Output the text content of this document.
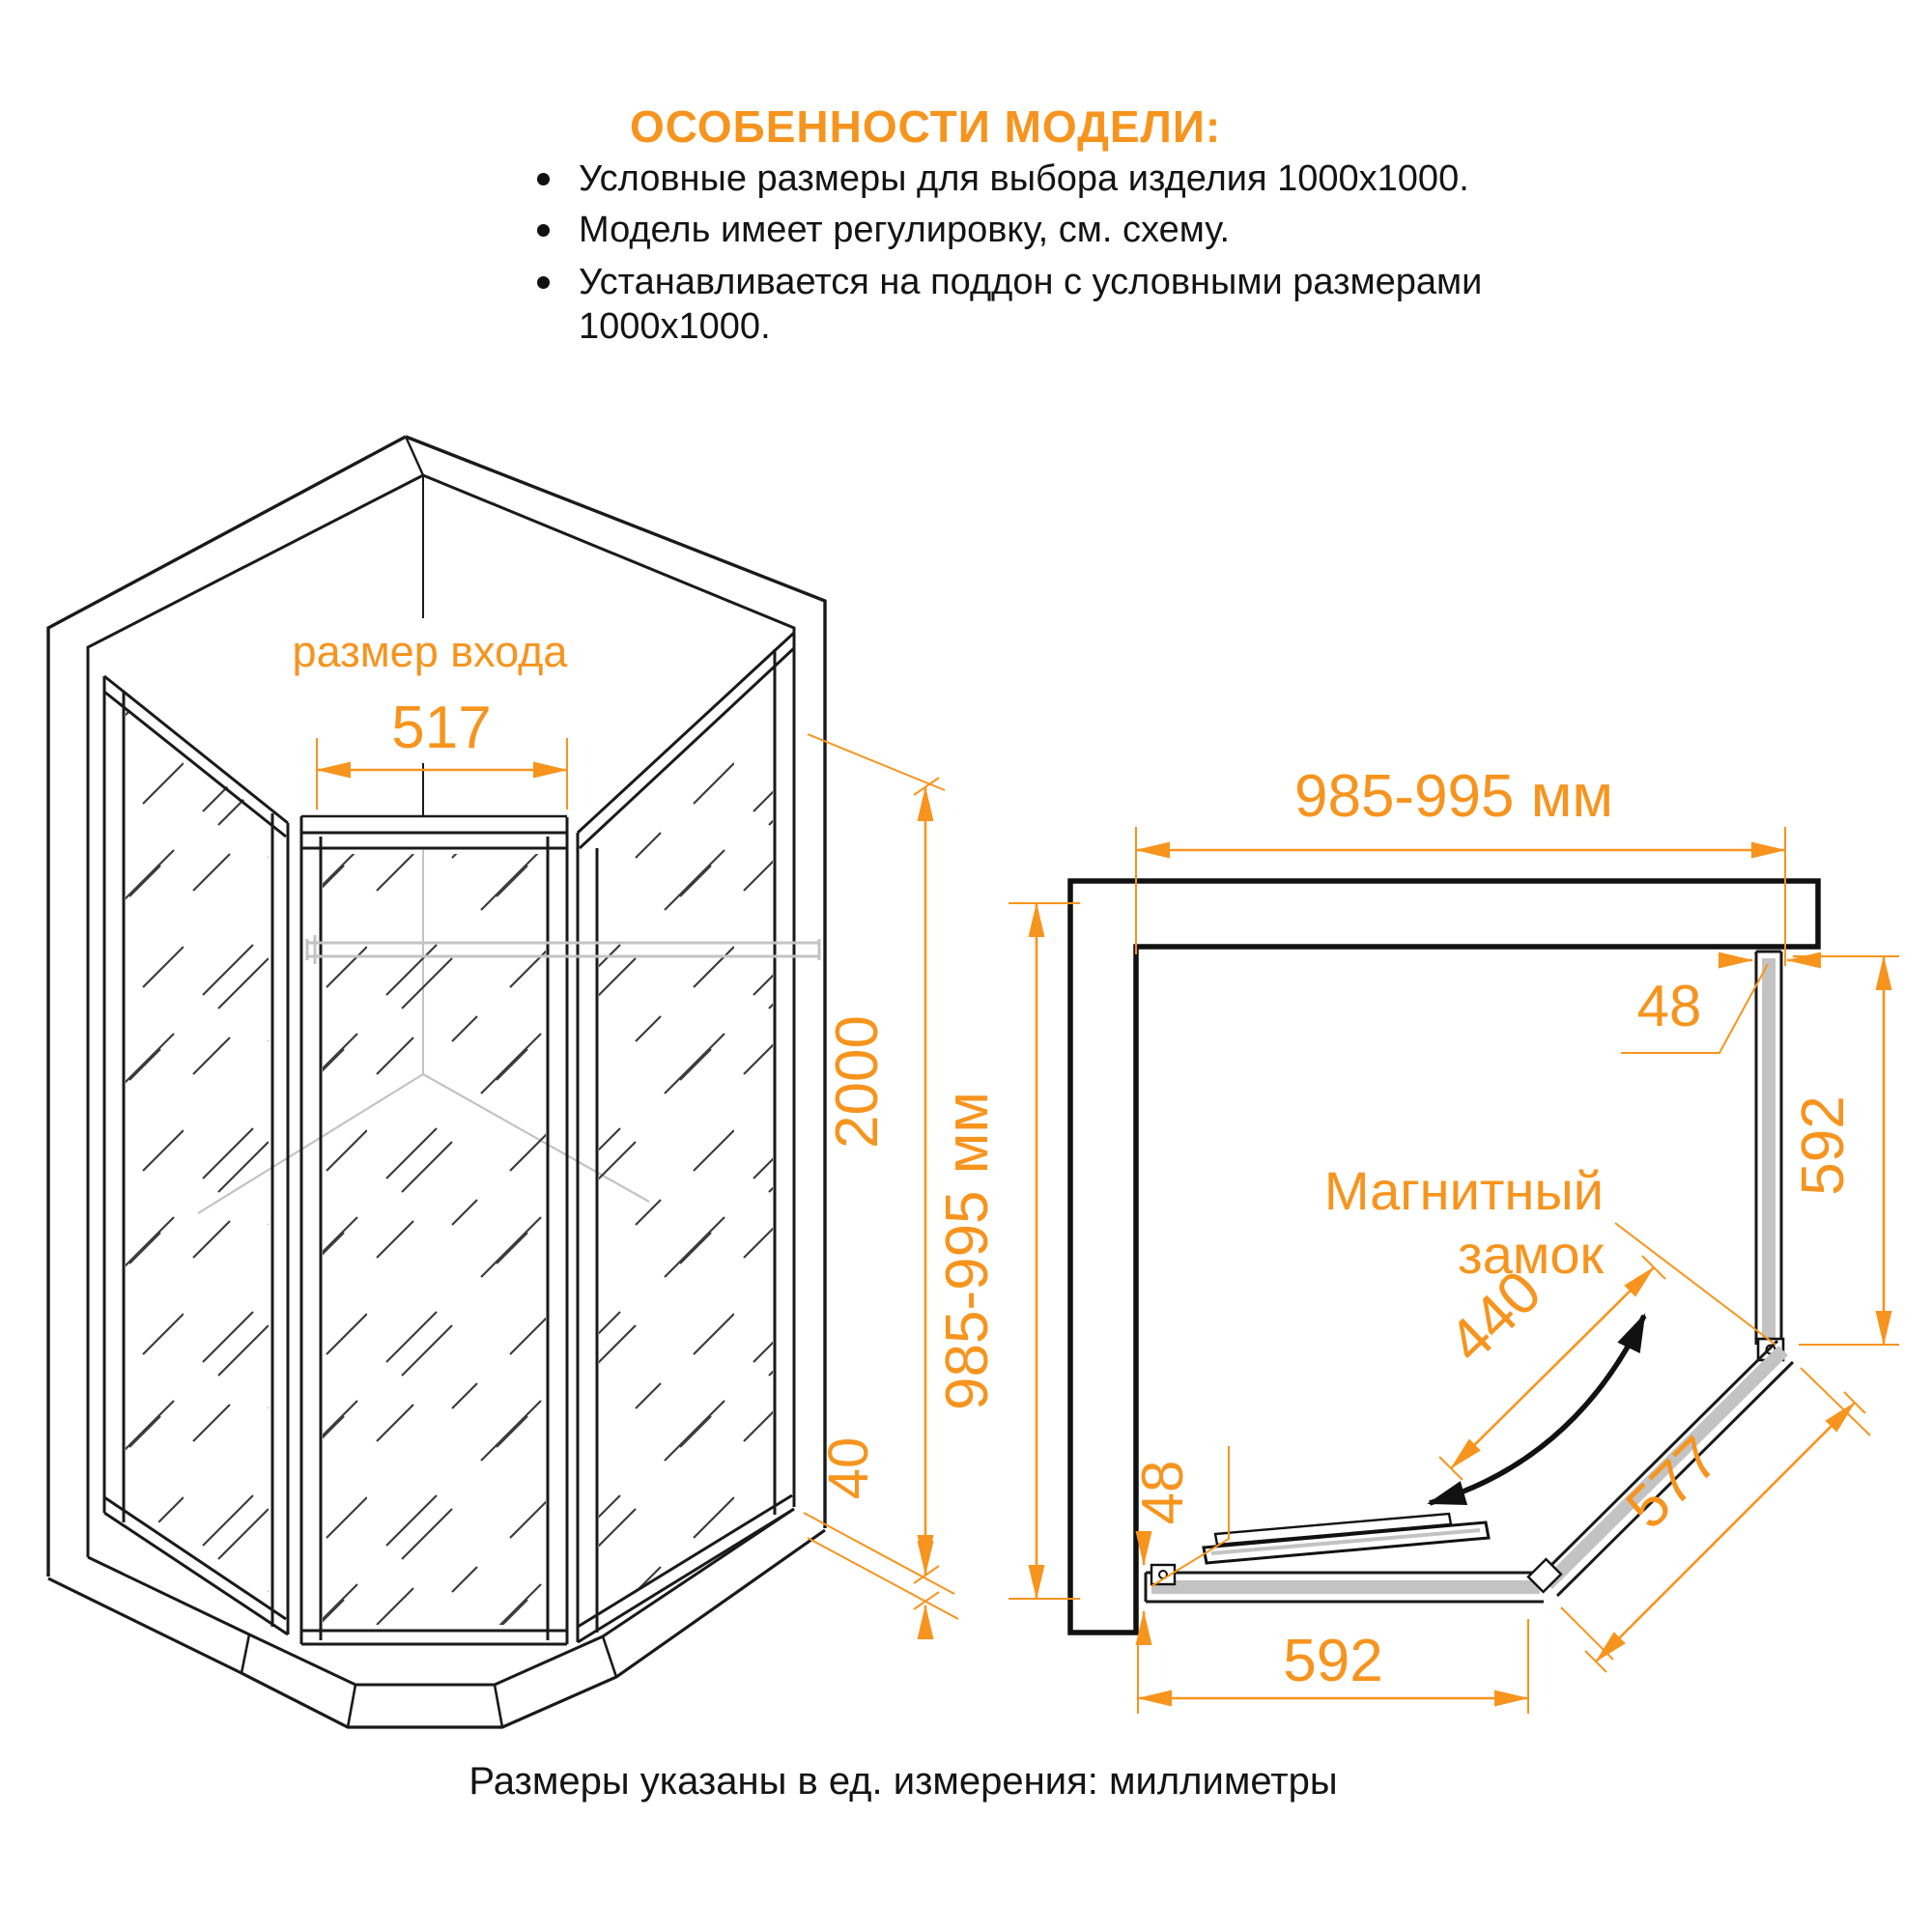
ОСОБЕННОСТИ МОДЕЛИ:
Условные размеры для выбора изделия 1000x1000.
Модель имеет регулировку, см. схему.
Устанавливается на поддон с условными размерами 1000x1000.
размер входа
517
2000
40
985-995 мм
985-995 мм
48
592
Магнитный
замок
440
48
592
577
Размеры указаны в ед. измерения: миллиметры
